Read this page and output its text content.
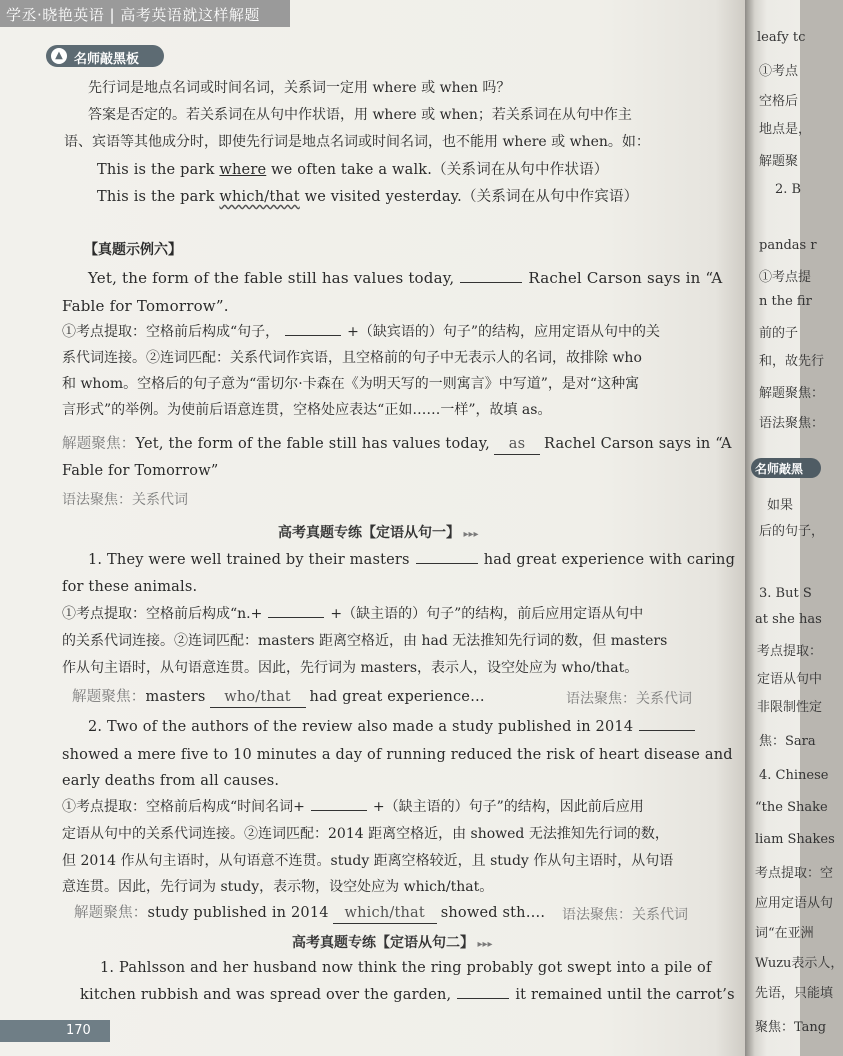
学丞·晓艳英语 | 高考英语就这样解题
▲ 名师敲黑板
先行词是地点名词或时间名词，关系词一定用 where 或 when 吗？
答案是否定的。若关系词在从句中作状语，用 where 或 when；若关系词在从句中作主
语、宾语等其他成分时，即使先行词是地点名词或时间名词，也不能用 where 或 when。如：
This is the park where we often take a walk.（关系词在从句中作状语）
This is the park which/that we visited yesterday.（关系词在从句中作宾语）
【真题示例六】
Yet, the form of the fable still has values today,	Rachel Carson says in “A
Fable for Tomorrow”.
①考点提取：空格前后构成“句子，	+（缺宾语的）句子”的结构，应用定语从句中的关
系代词连接。②连词匹配：关系代词作宾语，且空格前的句子中无表示人的名词，故排除 who
和 whom。空格后的句子意为“雷切尔·卡森在《为明天写的一则寓言》中写道”，是对“这种寓
言形式”的举例。为使前后语意连贯，空格处应表达“正如……一样”，故填 as。
解题聚焦：Yet, the form of the fable still has values today, as Rachel Carson says in “A
Fable for Tomorrow”
语法聚焦：关系代词
高考真题专练【定语从句一】 ▸▸▸
1. They were well trained by their masters	had great experience with caring
for these animals.
①考点提取：空格前后构成“n.+	+（缺主语的）句子”的结构，前后应用定语从句中
的关系代词连接。②连词匹配：masters 距离空格近，由 had 无法推知先行词的数，但 masters
作从句主语时，从句语意连贯。因此，先行词为 masters，表示人，设空处应为 who/that。
解题聚焦：masters who/that had great experience…	语法聚焦：关系代词
2. Two of the authors of the review also made a study published in 2014
showed a mere five to 10 minutes a day of running reduced the risk of heart disease and
early deaths from all causes.
①考点提取：空格前后构成“时间名词+	+（缺主语的）句子”的结构，因此前后应用
定语从句中的关系代词连接。②连词匹配：2014 距离空格近，由 showed 无法推知先行词的数，
但 2014 作从句主语时，从句语意不连贯。study 距离空格较近，且 study 作从句主语时，从句语
意连贯。因此，先行词为 study，表示物，设空处应为 which/that。
解题聚焦：study published in 2014 which/that showed sth…. 语法聚焦：关系代词
高考真题专练【定语从句二】 ▸▸▸
1. Pahlsson and her husband now think the ring probably got swept into a pile of
kitchen rubbish and was spread over the garden,	it remained until the carrot’s
170
leafy tc
①考点
空格后
地点是，
解题聚
2. B
pandas r
①考点提
n the fir
前的子
和，故先行
解题聚焦：
语法聚焦：
名师敲黑
如果
后的句子，
3. But S
at she has
考点提取：
定语从句中
非限制性定
焦：Sara
4. Chinese
“the Shake
liam Shakes
考点提取：空
应用定语从句
词“在亚洲
Wuzu表示人，
先语，只能填
聚焦：Tang
